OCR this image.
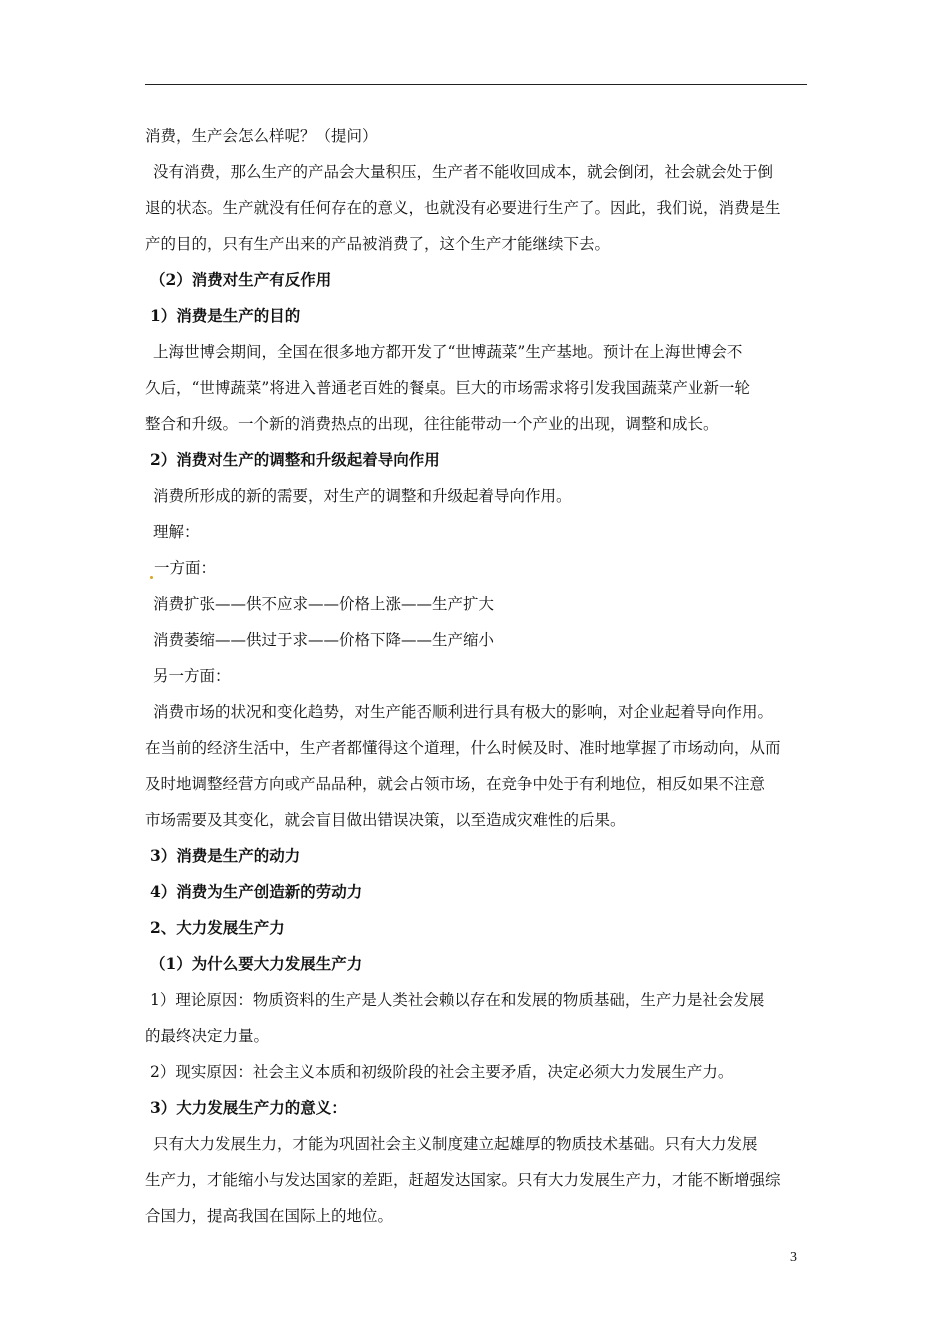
消费，生产会怎么样呢？（提问）
没有消费，那么生产的产品会大量积压，生产者不能收回成本，就会倒闭，社会就会处于倒
退的状态。生产就没有任何存在的意义，也就没有必要进行生产了。因此，我们说，消费是生
产的目的，只有生产出来的产品被消费了，这个生产才能继续下去。
（2）消费对生产有反作用
1）消费是生产的目的
上海世博会期间，全国在很多地方都开发了“世博蔬菜”生产基地。预计在上海世博会不
久后，“世博蔬菜”将进入普通老百姓的餐桌。巨大的市场需求将引发我国蔬菜产业新一轮
整合和升级。一个新的消费热点的出现，往往能带动一个产业的出现，调整和成长。
2）消费对生产的调整和升级起着导向作用
消费所形成的新的需要，对生产的调整和升级起着导向作用。
理解：
一方面：
消费扩张——供不应求——价格上涨——生产扩大
消费萎缩——供过于求——价格下降——生产缩小
另一方面：
消费市场的状况和变化趋势，对生产能否顺利进行具有极大的影响，对企业起着导向作用。
在当前的经济生活中，生产者都懂得这个道理，什么时候及时、准时地掌握了市场动向，从而
及时地调整经营方向或产品品种，就会占领市场，在竞争中处于有利地位，相反如果不注意
市场需要及其变化，就会盲目做出错误决策，以至造成灾难性的后果。
3）消费是生产的动力
4）消费为生产创造新的劳动力
2、大力发展生产力
（1）为什么要大力发展生产力
1）理论原因：物质资料的生产是人类社会赖以存在和发展的物质基础，生产力是社会发展
的最终决定力量。
2）现实原因：社会主义本质和初级阶段的社会主要矛盾，决定必须大力发展生产力。
3）大力发展生产力的意义：
只有大力发展生力，才能为巩固社会主义制度建立起雄厚的物质技术基础。只有大力发展
生产力，才能缩小与发达国家的差距，赶超发达国家。只有大力发展生产力，才能不断增强综
合国力，提高我国在国际上的地位。
3
